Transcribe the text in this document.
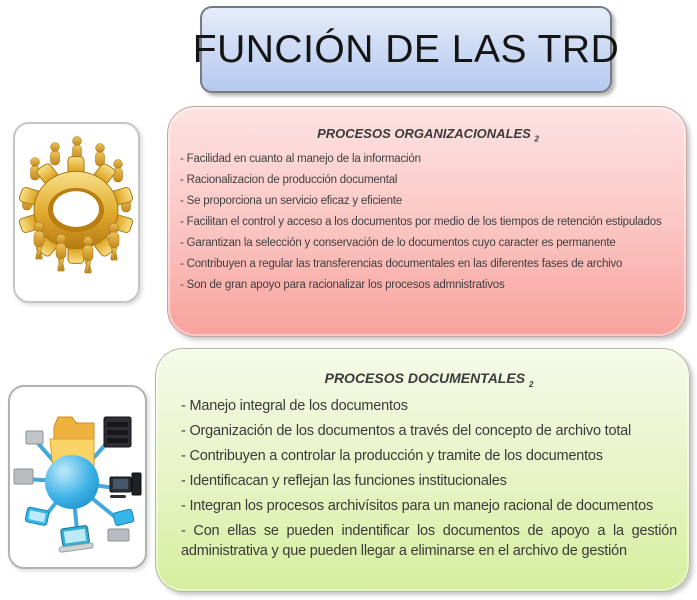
FUNCIÓN DE LAS TRD
PROCESOS ORGANIZACIONALES $_2$
- Facilidad en cuanto al manejo de la información
- Racionalizacion de producción documental
- Se proporciona un servicio eficaz y eficiente
- Facilitan el control y acceso a los documentos por medio de los tiempos de retención estipulados
- Garantizan la selección y conservación de lo documentos cuyo caracter es permanente
- Contribuyen a regular las transferencias documentales en las diferentes fases de archivo
- Son de gran apoyo para racionalizar los procesos admnistrativos
PROCESOS DOCUMENTALES $_2$
- Manejo integral de los documentos
- Organización de los documentos a través del concepto de archivo total
- Contribuyen a controlar la producción y tramite de los documentos
- Identificacan y reflejan las funciones institucionales
- Integran los procesos archivísitos para un manejo racional de documentos
- Con ellas se pueden indentificar los documentos de apoyo a la gestión administrativa y que pueden llegar a eliminarse en el archivo de gestión
